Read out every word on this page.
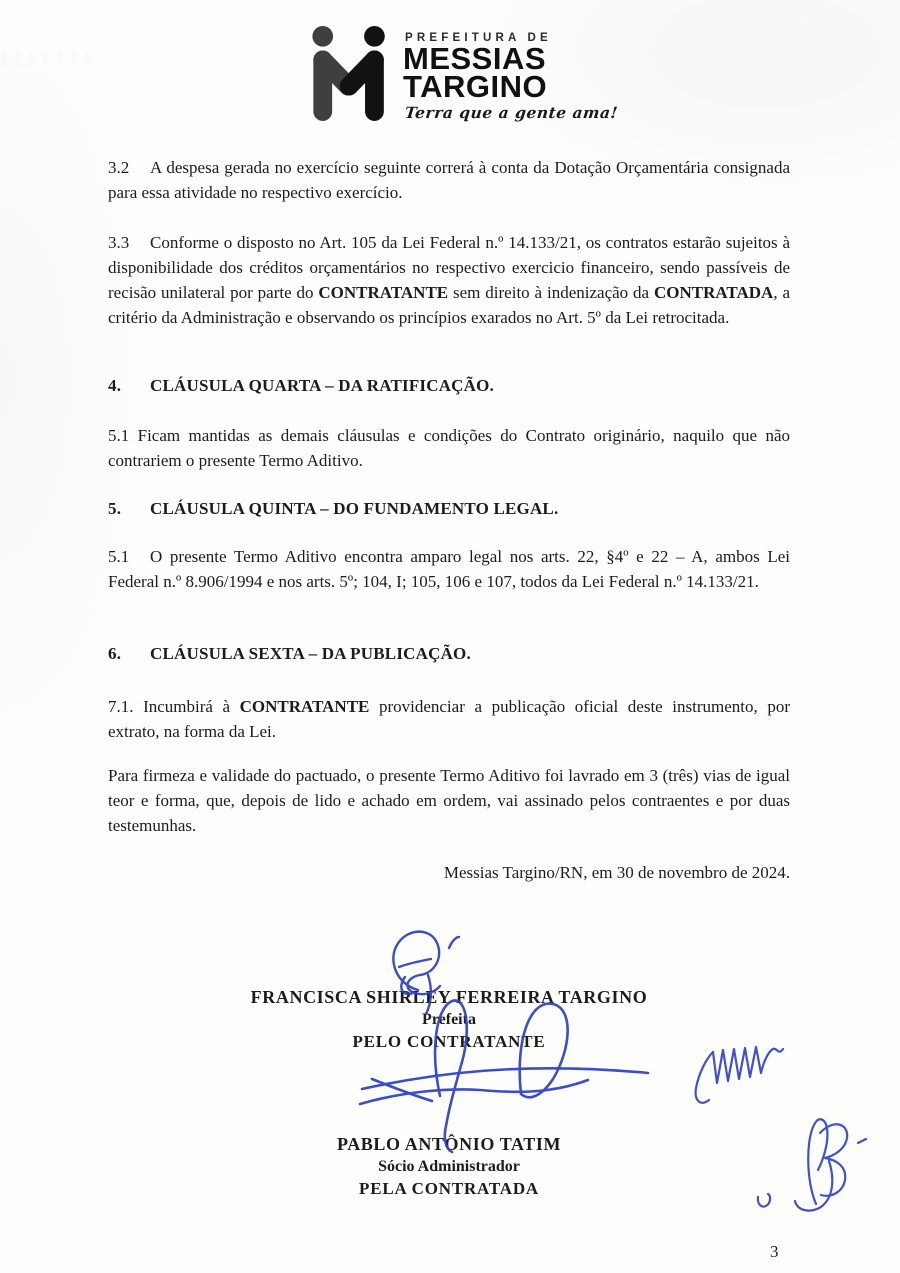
PREFEITURA DE
MESSIAS
TARGINO
Terra que a gente ama!

3.2 A despesa gerada no exercício seguinte correrá à conta da Dotação Orçamentária consignada para essa atividade no respectivo exercício.

3.3 Conforme o disposto no Art. 105 da Lei Federal n.º 14.133/21, os contratos estarão sujeitos à disponibilidade dos créditos orçamentários no respectivo exercicio financeiro, sendo passíveis de recisão unilateral por parte do CONTRATANTE sem direito à indenização da CONTRATADA, a critério da Administração e observando os princípios exarados no Art. 5º da Lei retrocitada.

4. CLÁUSULA QUARTA – DA RATIFICAÇÃO.

5.1 Ficam mantidas as demais cláusulas e condições do Contrato originário, naquilo que não contrariem o presente Termo Aditivo.

5. CLÁUSULA QUINTA – DO FUNDAMENTO LEGAL.

5.1 O presente Termo Aditivo encontra amparo legal nos arts. 22, §4º e 22 – A, ambos Lei Federal n.º 8.906/1994 e nos arts. 5º; 104, I; 105, 106 e 107, todos da Lei Federal n.º 14.133/21.

6. CLÁUSULA SEXTA – DA PUBLICAÇÃO.

7.1. Incumbirá à CONTRATANTE providenciar a publicação oficial deste instrumento, por extrato, na forma da Lei.

Para firmeza e validade do pactuado, o presente Termo Aditivo foi lavrado em 3 (três) vias de igual teor e forma, que, depois de lido e achado em ordem, vai assinado pelos contraentes e por duas testemunhas.

Messias Targino/RN, em 30 de novembro de 2024.

FRANCISCA SHIRLEY FERREIRA TARGINO
Prefeita
PELO CONTRATANTE
PABLO ANTÔNIO TATIM
Sócio Administrador
PELA CONTRATADA
3
